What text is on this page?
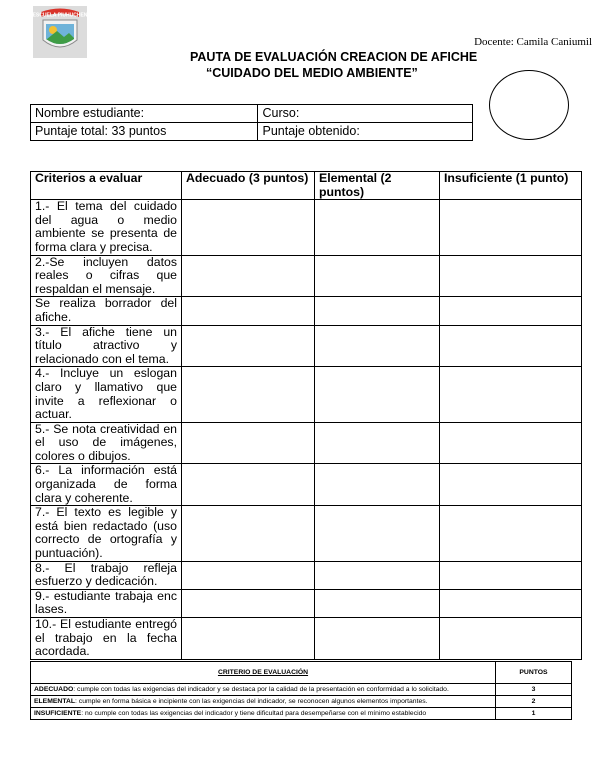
ESCUELA PIUHUCHEN
Docente: Camila Caniumil
PAUTA DE EVALUACIÓN CREACION DE AFICHE
“CUIDADO DEL MEDIO AMBIENTE”
Nombre estudiante:	Curso:
Puntaje total: 33 puntos	Puntaje obtenido:
Criterios a evaluar	Adecuado (3 puntos)	Elemental (2 puntos)	Insuficiente (1 punto)
1.- El tema del cuidado del agua o medio ambiente se presenta de forma clara y precisa.			
2.-Se incluyen datos reales o cifras que respaldan el mensaje.			
Se realiza borrador del afiche.			
3.- El afiche tiene un título atractivo y relacionado con el tema.			
4.- Incluye un eslogan claro y llamativo que invite a reflexionar o actuar.			
5.- Se nota creatividad en el uso de imágenes, colores o dibujos.			
6.- La información está organizada de forma clara y coherente.			
7.- El texto es legible y está bien redactado (uso correcto de ortografía y puntuación).			
8.- El trabajo refleja esfuerzo y dedicación.			
9.- estudiante trabaja enc lases.			
10.- El estudiante entregó el trabajo en la fecha acordada.			
CRITERIO DE EVALUACIÓN	PUNTOS
ADECUADO: cumple con todas las exigencias del indicador y se destaca por la calidad de la presentación en conformidad a lo solicitado.	3
ELEMENTAL: cumple en forma básica e incipiente con las exigencias del indicador, se reconocen algunos elementos importantes.	2
INSUFICIENTE: no cumple con todas las exigencias del indicador y tiene dificultad para desempeñarse con el mínimo establecido	1
